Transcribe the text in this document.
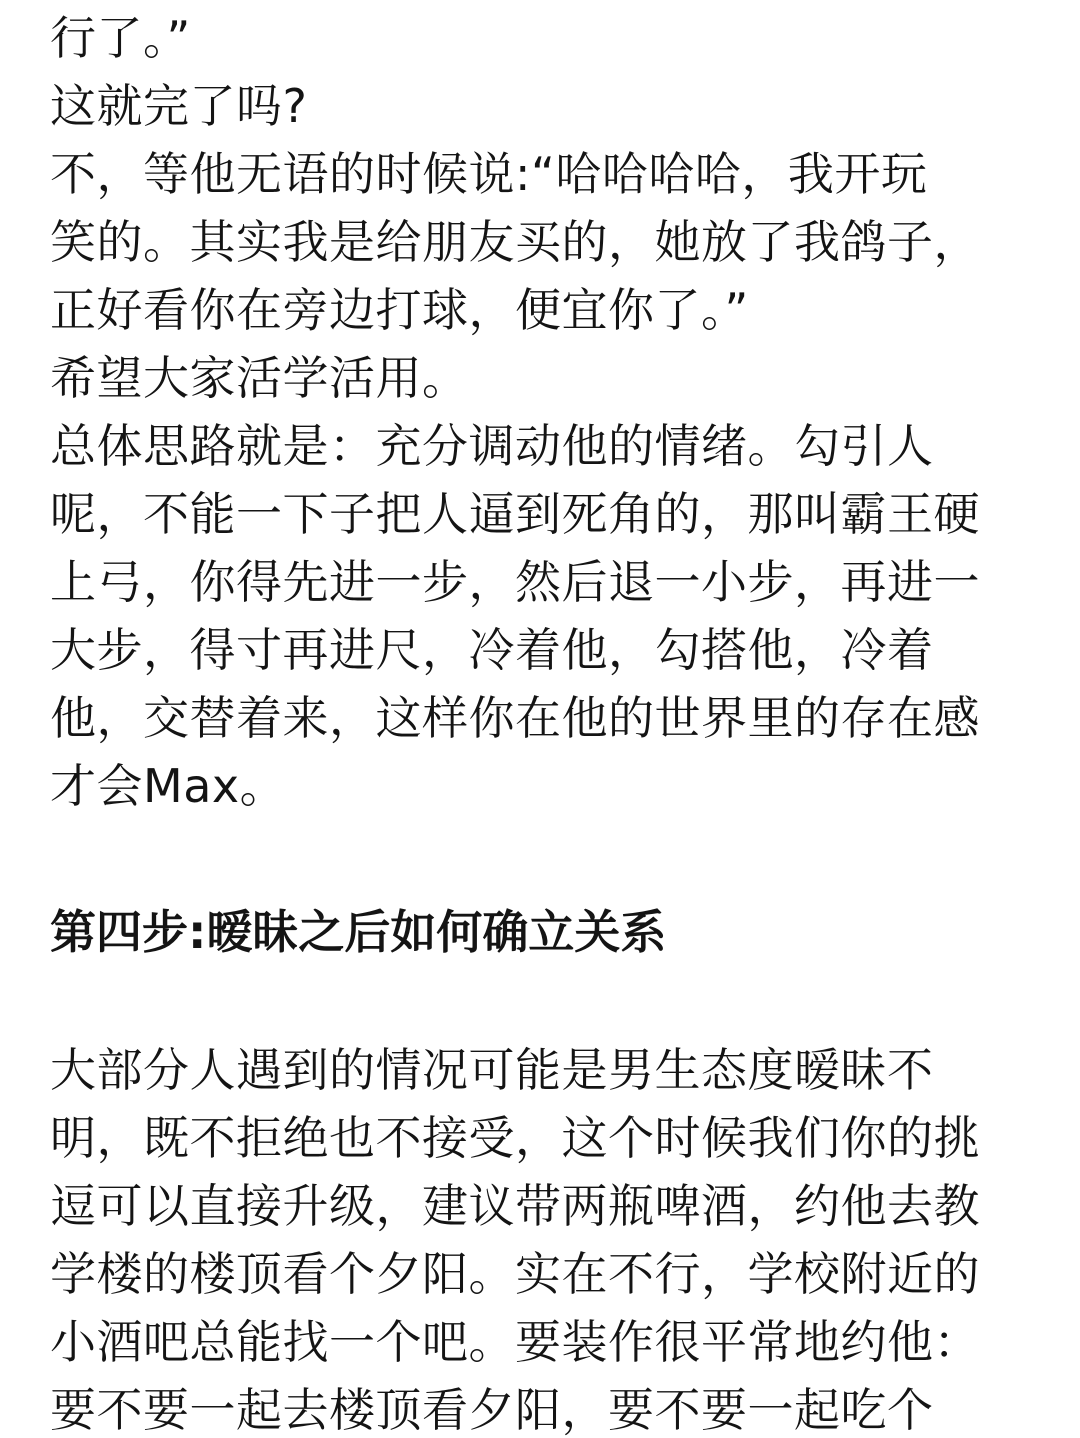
行了。”
这就完了吗?
不，等他无语的时候说:“哈哈哈哈，我开玩
笑的。其实我是给朋友买的，她放了我鸽子，
正好看你在旁边打球，便宜你了。”
希望大家活学活用。
总体思路就是：充分调动他的情绪。勾引人
呢，不能一下子把人逼到死角的，那叫霸王硬
上弓，你得先进一步，然后退一小步，再进一
大步，得寸再进尺，冷着他，勾搭他，冷着
他，交替着来，这样你在他的世界里的存在感
才会Max。
第四步:暧昧之后如何确立关系
大部分人遇到的情况可能是男生态度暧昧不
明，既不拒绝也不接受，这个时候我们你的挑
逗可以直接升级，建议带两瓶啤酒，约他去教
学楼的楼顶看个夕阳。实在不行，学校附近的
小酒吧总能找一个吧。要装作很平常地约他：
要不要一起去楼顶看夕阳，要不要一起吃个
